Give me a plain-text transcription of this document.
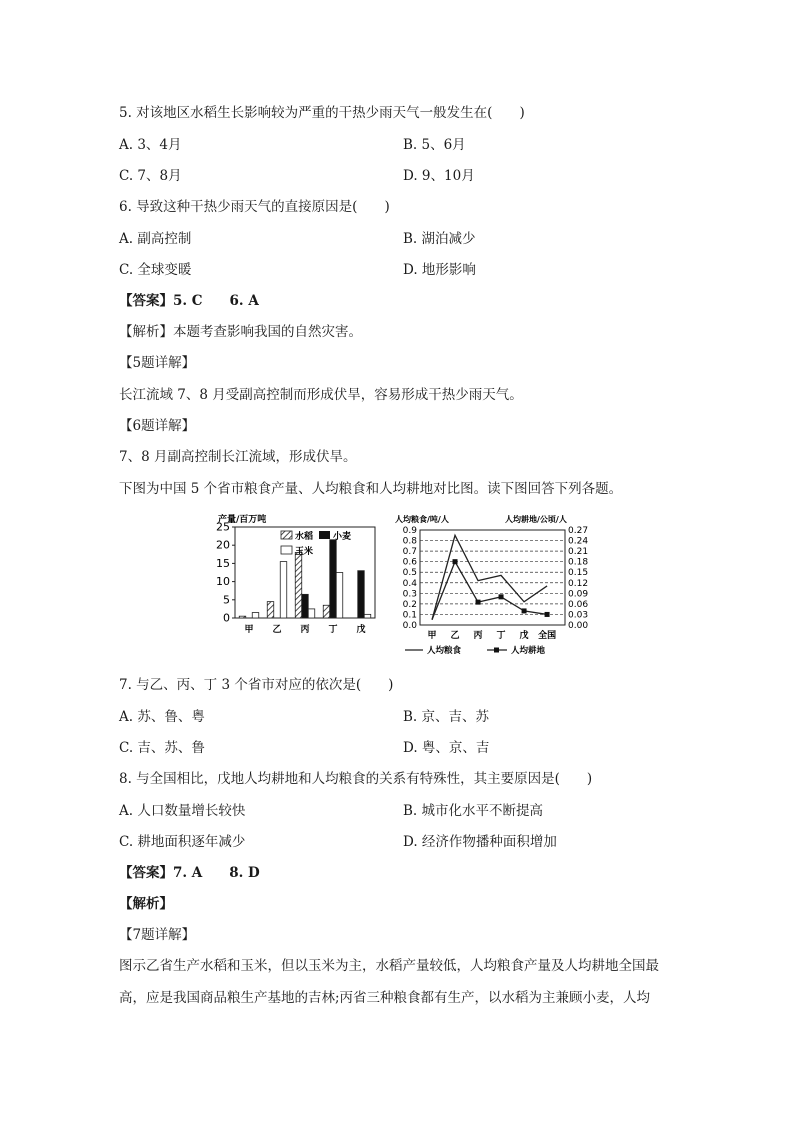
5. 对该地区水稻生长影响较为严重的干热少雨天气一般发生在(　　)
A. 3、4月	B. 5、6月
C. 7、8月	D. 9、10月
6. 导致这种干热少雨天气的直接原因是(　　)
A. 副高控制	B. 湖泊减少
C. 全球变暖	D. 地形影响
【答案】5. C　　6. A
【解析】本题考查影响我国的自然灾害。
【5题详解】
长江流域 7、8 月受副高控制而形成伏旱，容易形成干热少雨天气。
【6题详解】
7、8 月副高控制长江流域，形成伏旱。
下图为中国 5 个省市粮食产量、人均粮食和人均耕地对比图。读下图回答下列各题。
产量/百万吨
0
5
10
15
20
25
甲 乙 丙 丁 戊
水稻 小麦
玉米
人均粮食/吨/人	人均耕地/公顷/人
0.0
0.1
0.2
0.3
0.4
0.5
0.6
0.7
0.8
0.9
0.00
0.03
0.06
0.09
0.12
0.15
0.18
0.21
0.24
0.27
甲 乙 丙 丁 戊 全国
人均粮食	人均耕地
7. 与乙、丙、丁 3 个省市对应的依次是(　　)
A. 苏、鲁、粤	B. 京、吉、苏
C. 吉、苏、鲁	D. 粤、京、吉
8. 与全国相比，戊地人均耕地和人均粮食的关系有特殊性，其主要原因是(　　)
A. 人口数量增长较快	B. 城市化水平不断提高
C. 耕地面积逐年减少	D. 经济作物播种面积增加
【答案】7. A　　8. D
【解析】
【7题详解】
图示乙省生产水稻和玉米，但以玉米为主，水稻产量较低，人均粮食产量及人均耕地全国最高，应是我国商品粮生产基地的吉林;丙省三种粮食都有生产，以水稻为主兼顾小麦，人均
